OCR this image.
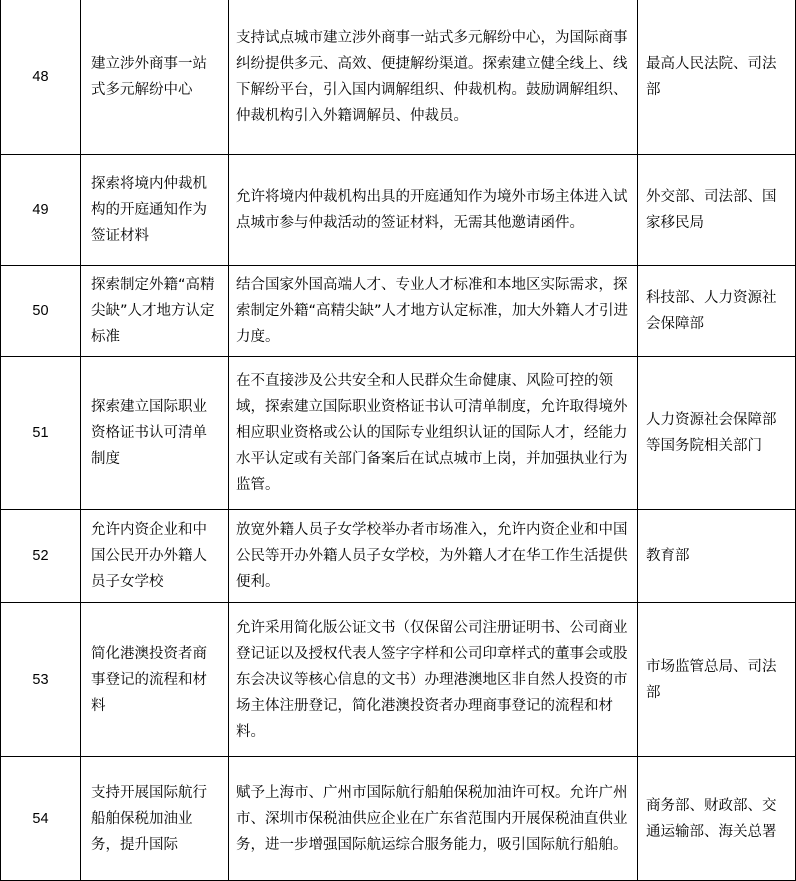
48	建立涉外商事一站式多元解纷中心	支持试点城市建立涉外商事一站式多元解纷中心，为国际商事纠纷提供多元、高效、便捷解纷渠道。探索建立健全线上、线下解纷平台，引入国内调解组织、仲裁机构。鼓励调解组织、仲裁机构引入外籍调解员、仲裁员。	最高人民法院、司法部

49	探索将境内仲裁机构的开庭通知作为签证材料	允许将境内仲裁机构出具的开庭通知作为境外市场主体进入试点城市参与仲裁活动的签证材料，无需其他邀请函件。	外交部、司法部、国家移民局

50	探索制定外籍“高精尖缺”人才地方认定标准	结合国家外国高端人才、专业人才标准和本地区实际需求，探索制定外籍“高精尖缺”人才地方认定标准，加大外籍人才引进力度。	科技部、人力资源社会保障部

51	探索建立国际职业资格证书认可清单制度	在不直接涉及公共安全和人民群众生命健康、风险可控的领域，探索建立国际职业资格证书认可清单制度，允许取得境外相应职业资格或公认的国际专业组织认证的国际人才，经能力水平认定或有关部门备案后在试点城市上岗，并加强执业行为监管。	人力资源社会保障部等国务院相关部门

52	允许内资企业和中国公民开办外籍人员子女学校	放宽外籍人员子女学校举办者市场准入，允许内资企业和中国公民等开办外籍人员子女学校，为外籍人才在华工作生活提供便利。	教育部

53	简化港澳投资者商事登记的流程和材料	允许采用简化版公证文书（仅保留公司注册证明书、公司商业登记证以及授权代表人签字字样和公司印章样式的董事会或股东会决议等核心信息的文书）办理港澳地区非自然人投资的市场主体注册登记，简化港澳投资者办理商事登记的流程和材料。	市场监管总局、司法部

54	支持开展国际航行船舶保税加油业务，提升国际	赋予上海市、广州市国际航行船舶保税加油许可权。允许广州市、深圳市保税油供应企业在广东省范围内开展保税油直供业务，进一步增强国际航运综合服务能力，吸引国际航行船舶。	商务部、财政部、交通运输部、海关总署
